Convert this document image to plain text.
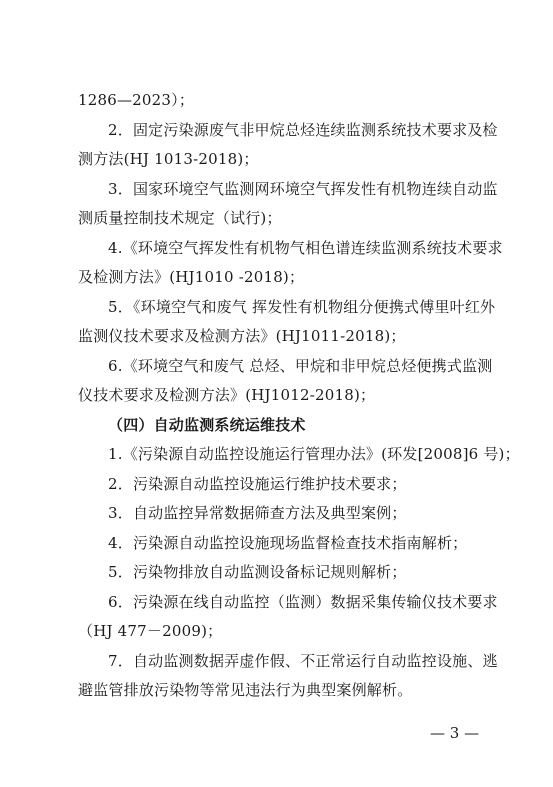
1286—2023）；
2．固定污染源废气非甲烷总烃连续监测系统技术要求及检
测方法(HJ 1013-2018)；
3．国家环境空气监测网环境空气挥发性有机物连续自动监
测质量控制技术规定（试行)；
4.《环境空气挥发性有机物气相色谱连续监测系统技术要求
及检测方法》(HJ1010 -2018)；
5．《环境空气和废气 挥发性有机物组分便携式傅里叶红外
监测仪技术要求及检测方法》(HJ1011-2018)；
6.《环境空气和废气 总烃、甲烷和非甲烷总烃便携式监测
仪技术要求及检测方法》(HJ1012-2018)；
（四）自动监测系统运维技术
1.《污染源自动监控设施运行管理办法》(环发[2008]6 号)；
2．污染源自动监控设施运行维护技术要求；
3．自动监控异常数据筛查方法及典型案例；
4．污染源自动监控设施现场监督检查技术指南解析；
5．污染物排放自动监测设备标记规则解析；
6．污染源在线自动监控（监测）数据采集传输仪技术要求
（HJ 477－2009)；
7．自动监测数据弄虚作假、不正常运行自动监控设施、逃
避监管排放污染物等常见违法行为典型案例解析。
— 3 —
